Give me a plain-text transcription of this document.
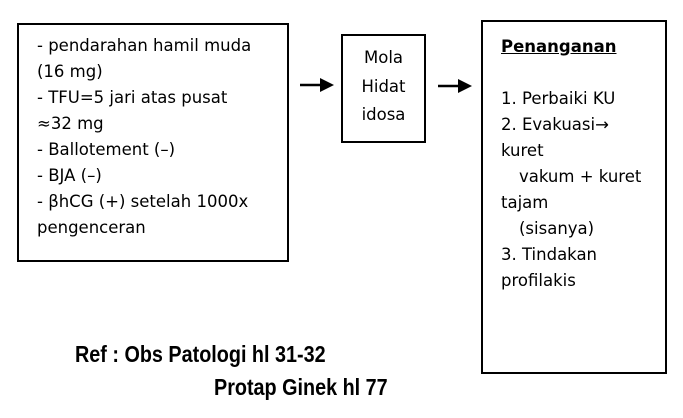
- pendarahan hamil muda
(16 mg)
- TFU=5 jari atas pusat
≈32 mg
- Ballotement (–)
- BJA (–)
- βhCG (+) setelah 1000x
pengenceran
Mola
Hidat
idosa
Penanganan
1. Perbaiki KU
2. Evakuasi→
kuret
vakum + kuret
tajam
(sisanya)
3. Tindakan
profilakis
Ref : Obs Patologi hl 31-32
Protap Ginek hl 77
